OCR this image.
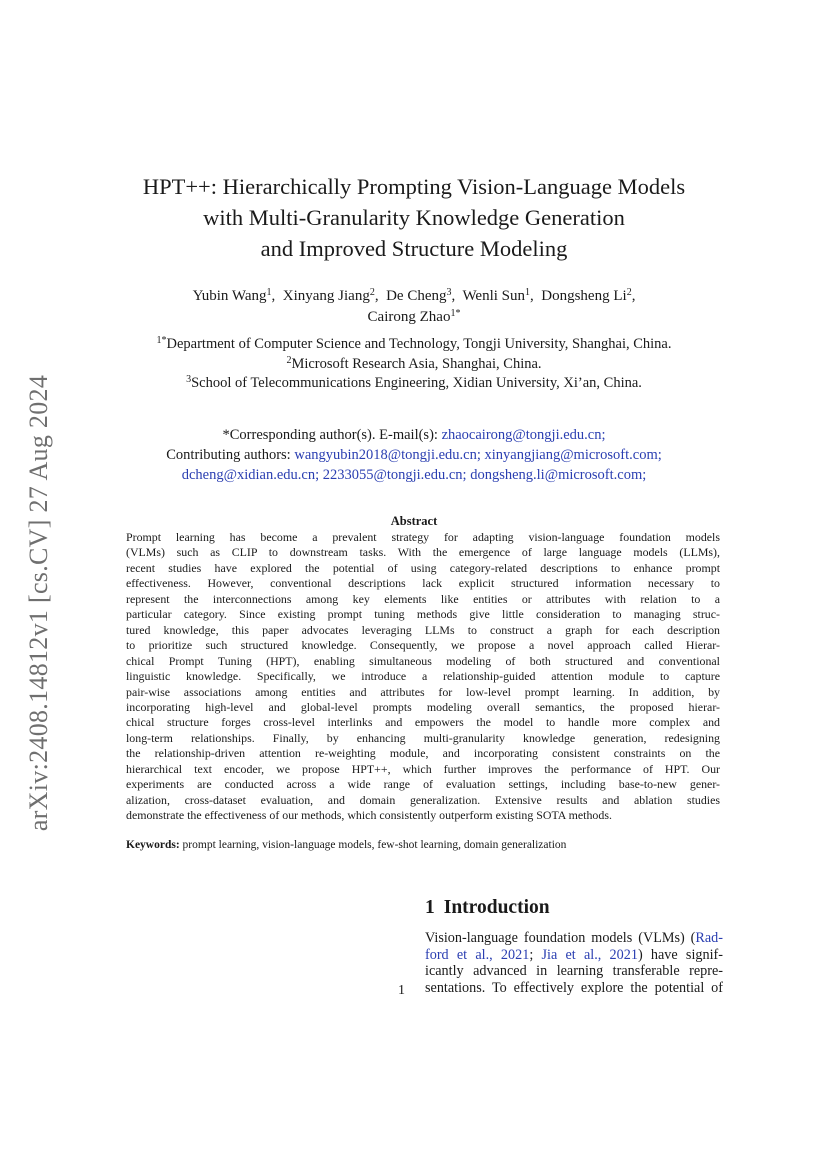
arXiv:2408.14812v1 [cs.CV] 27 Aug 2024
HPT++: Hierarchically Prompting Vision-Language Models
with Multi-Granularity Knowledge Generation
and Improved Structure Modeling
Yubin Wang$^1$,  Xinyang Jiang$^2$,  De Cheng$^3$,  Wenli Sun$^1$,  Dongsheng Li$^2$,
Cairong Zhao$^{1*}$
$^{1*}$Department of Computer Science and Technology, Tongji University, Shanghai, China.
$^2$Microsoft Research Asia, Shanghai, China.
$^3$School of Telecommunications Engineering, Xidian University, Xi’an, China.
*Corresponding author(s). E-mail(s): zhaocairong@tongji.edu.cn;
Contributing authors: wangyubin2018@tongji.edu.cn; xinyangjiang@microsoft.com;
dcheng@xidian.edu.cn; 2233055@tongji.edu.cn; dongsheng.li@microsoft.com;
Abstract
Prompt learning has become a prevalent strategy for adapting vision-language foundation models
(VLMs) such as CLIP to downstream tasks. With the emergence of large language models (LLMs),
recent studies have explored the potential of using category-related descriptions to enhance prompt
effectiveness. However, conventional descriptions lack explicit structured information necessary to
represent the interconnections among key elements like entities or attributes with relation to a
particular category. Since existing prompt tuning methods give little consideration to managing struc-
tured knowledge, this paper advocates leveraging LLMs to construct a graph for each description
to prioritize such structured knowledge. Consequently, we propose a novel approach called Hierar-
chical Prompt Tuning (HPT), enabling simultaneous modeling of both structured and conventional
linguistic knowledge. Specifically, we introduce a relationship-guided attention module to capture
pair-wise associations among entities and attributes for low-level prompt learning. In addition, by
incorporating high-level and global-level prompts modeling overall semantics, the proposed hierar-
chical structure forges cross-level interlinks and empowers the model to handle more complex and
long-term relationships. Finally, by enhancing multi-granularity knowledge generation, redesigning
the relationship-driven attention re-weighting module, and incorporating consistent constraints on the
hierarchical text encoder, we propose HPT++, which further improves the performance of HPT. Our
experiments are conducted across a wide range of evaluation settings, including base-to-new gener-
alization, cross-dataset evaluation, and domain generalization. Extensive results and ablation studies
demonstrate the effectiveness of our methods, which consistently outperform existing SOTA methods.
Keywords: prompt learning, vision-language models, few-shot learning, domain generalization
1 Introduction
Vision-language foundation models (VLMs) (Rad-
ford et al., 2021; Jia et al., 2021) have signif-
icantly advanced in learning transferable repre-
sentations. To effectively explore the potential of
1
